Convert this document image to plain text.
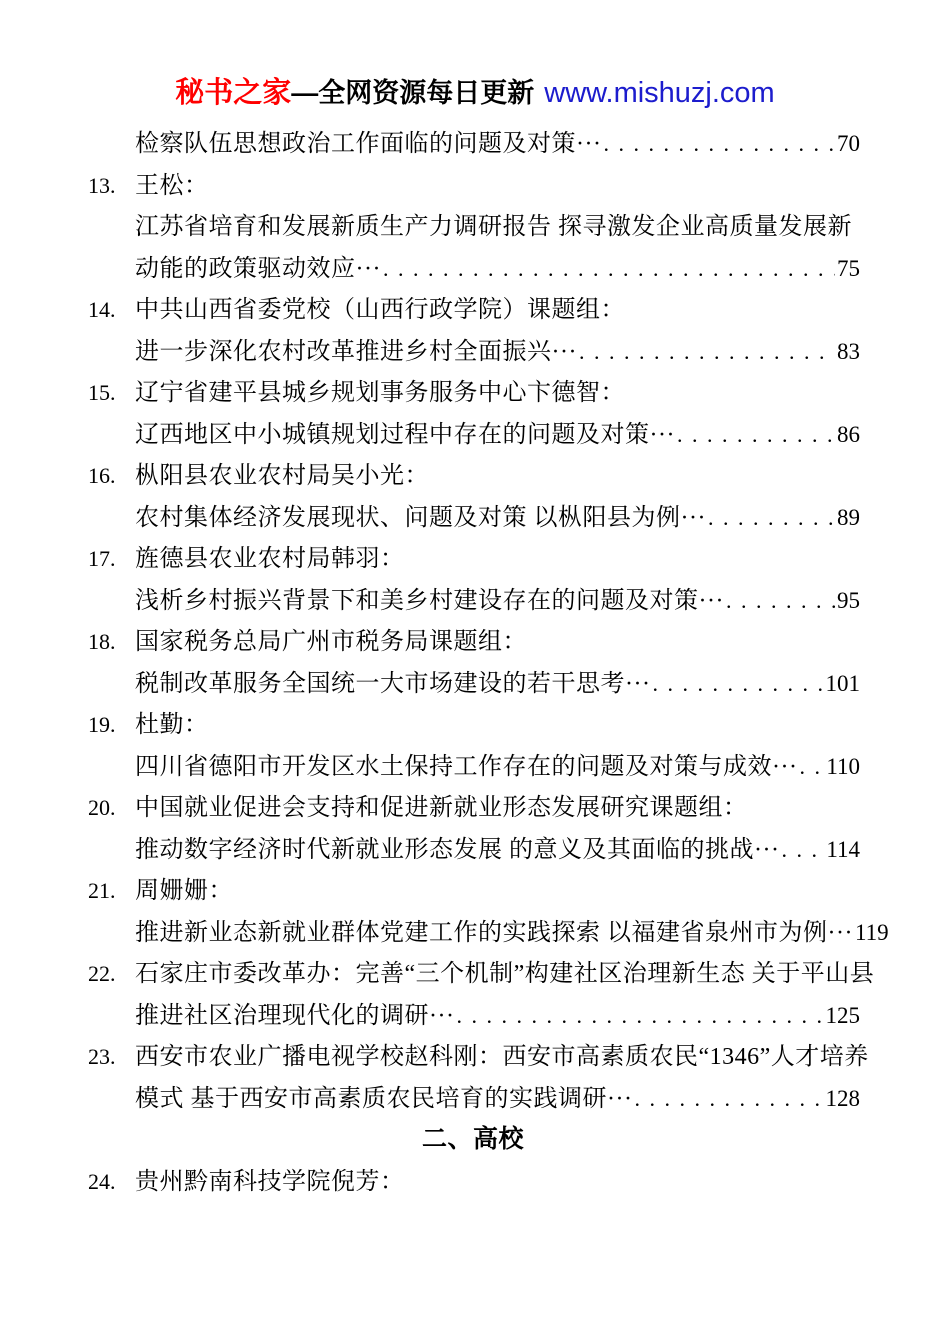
秘书之家—全网资源每日更新 www.mishuzj.com
检察队伍思想政治工作面临的问题及对策··· . . .	70
13. 王松：
江苏省培育和发展新质生产力调研报告 探寻激发企业高质量发展新
动能的政策驱动效应··· . . .	75
14. 中共山西省委党校（山西行政学院）课题组：
进一步深化农村改革推进乡村全面振兴··· . . .	83
15. 辽宁省建平县城乡规划事务服务中心卞德智：
辽西地区中小城镇规划过程中存在的问题及对策··· . . .	86
16. 枞阳县农业农村局吴小光：
农村集体经济发展现状、问题及对策 以枞阳县为例··· . . .	89
17. 旌德县农业农村局韩羽：
浅析乡村振兴背景下和美乡村建设存在的问题及对策··· . . .	95
18. 国家税务总局广州市税务局课题组：
税制改革服务全国统一大市场建设的若干思考··· . . .	101
19. 杜勤：
四川省德阳市开发区水土保持工作存在的问题及对策与成效··· . . . 110
20. 中国就业促进会支持和促进新就业形态发展研究课题组：
推动数字经济时代新就业形态发展 的意义及其面临的挑战··· . . . 114
21. 周姗姗：
推进新业态新就业群体党建工作的实践探索 以福建省泉州市为例··· 119
22. 石家庄市委改革办：完善“三个机制”构建社区治理新生态 关于平山县
推进社区治理现代化的调研··· . . .	125
23. 西安市农业广播电视学校赵科刚：西安市高素质农民“1346”人才培养
模式 基于西安市高素质农民培育的实践调研··· . . .	128
二、高校
24. 贵州黔南科技学院倪芳：
